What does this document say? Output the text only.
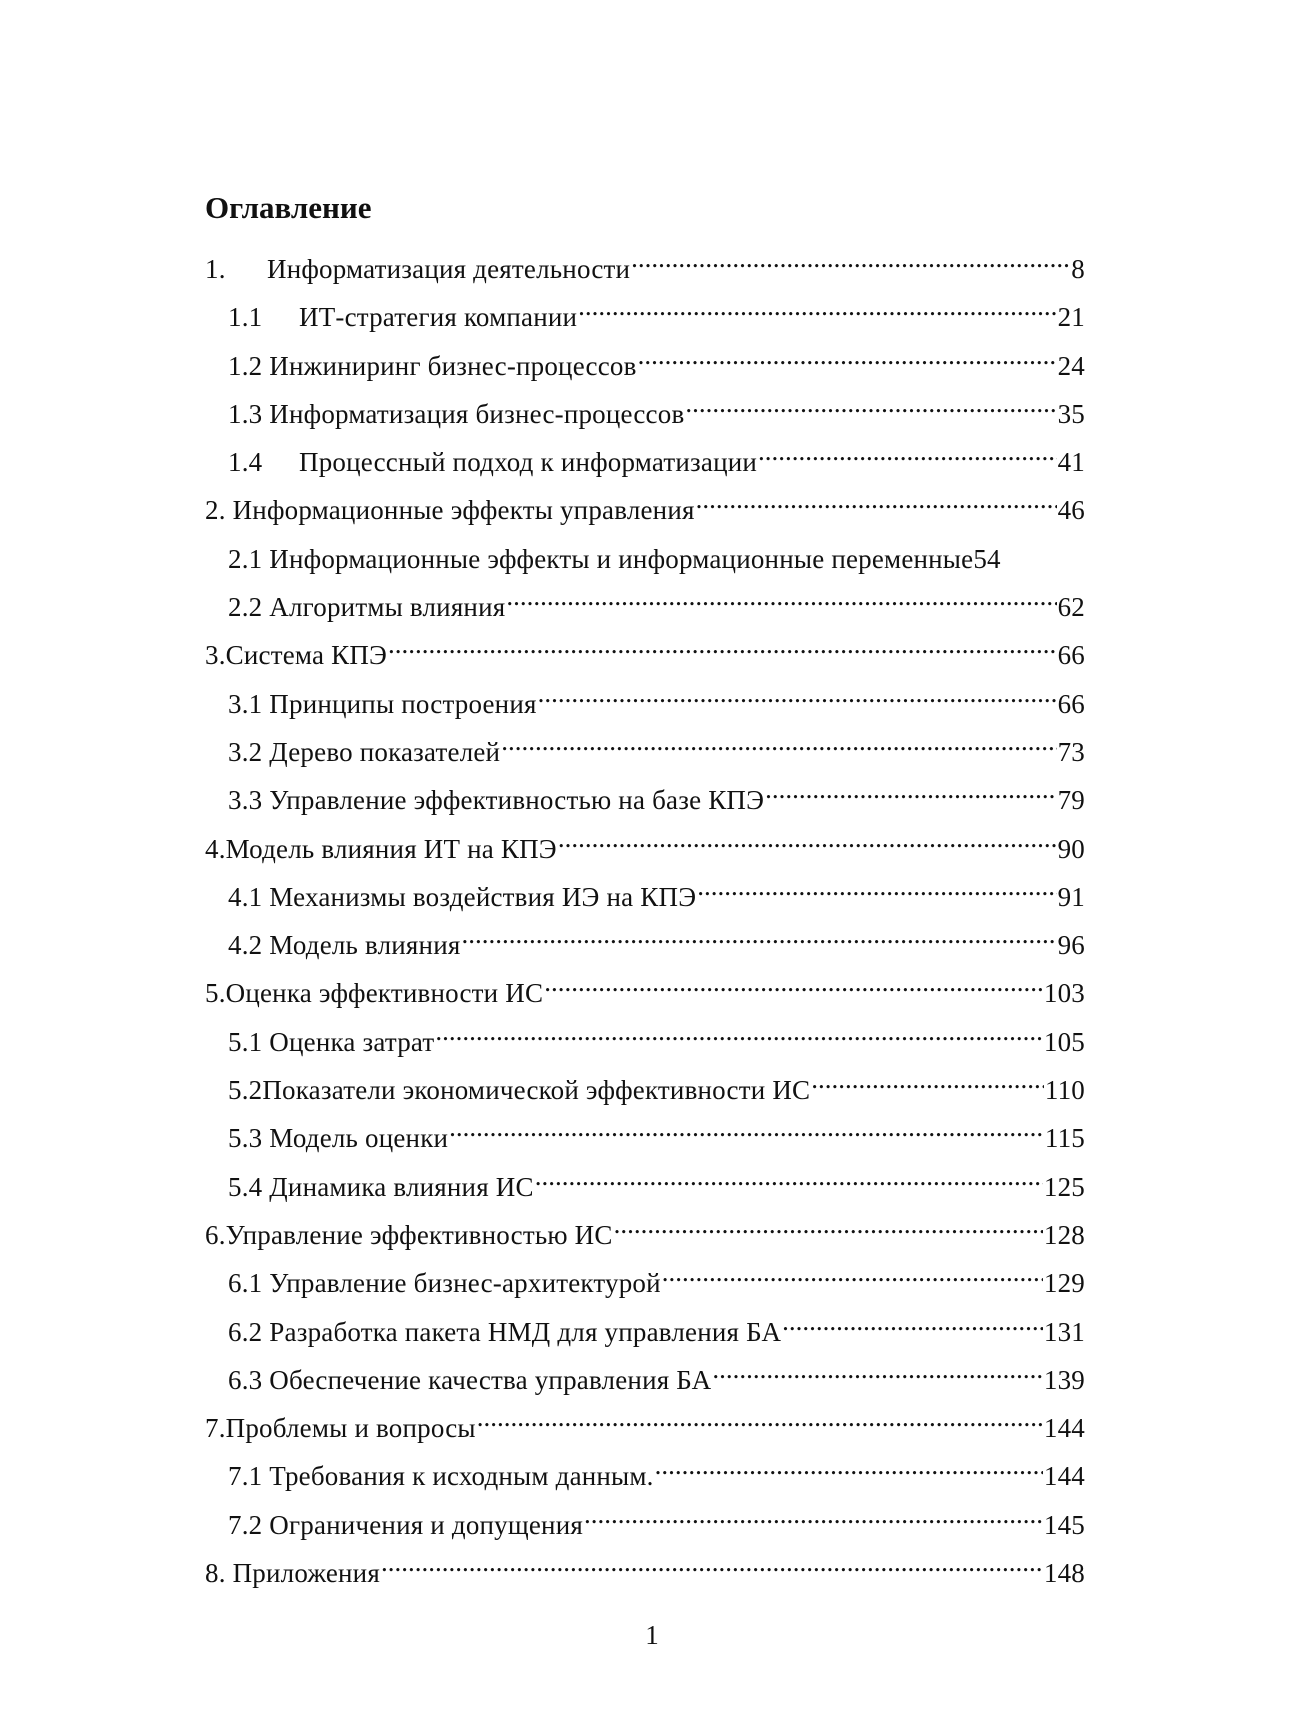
Оглавление
1.	Информатизация деятельности .....	8
1.1	ИТ-стратегия компании .....	21
1.2 Инжиниринг бизнес-процессов .....	24
1.3 Информатизация бизнес-процессов .....	35
1.4	Процессный подход к информатизации .....	41
2. Информационные эффекты управления .....	46
2.1 Информационные эффекты и информационные переменные 54
2.2 Алгоритмы влияния .....	62
3.Система КПЭ .....	66
3.1 Принципы построения .....	66
3.2 Дерево показателей .....	73
3.3 Управление эффективностью на базе КПЭ .....	79
4.Модель влияния ИТ на КПЭ .....	90
4.1 Механизмы воздействия ИЭ на КПЭ .....	91
4.2 Модель влияния .....	96
5.Оценка эффективности ИС .....	103
5.1 Оценка затрат .....	105
5.2Показатели экономической эффективности ИС .....	110
5.3 Модель оценки .....	115
5.4 Динамика влияния ИС .....	125
6.Управление эффективностью ИС .....	128
6.1 Управление бизнес-архитектурой .....	129
6.2 Разработка пакета НМД для управления БА .....	131
6.3 Обеспечение качества управления БА .....	139
7.Проблемы и вопросы .....	144
7.1 Требования к исходным данным. .....	144
7.2 Ограничения и допущения .....	145
8. Приложения .....	148
1
